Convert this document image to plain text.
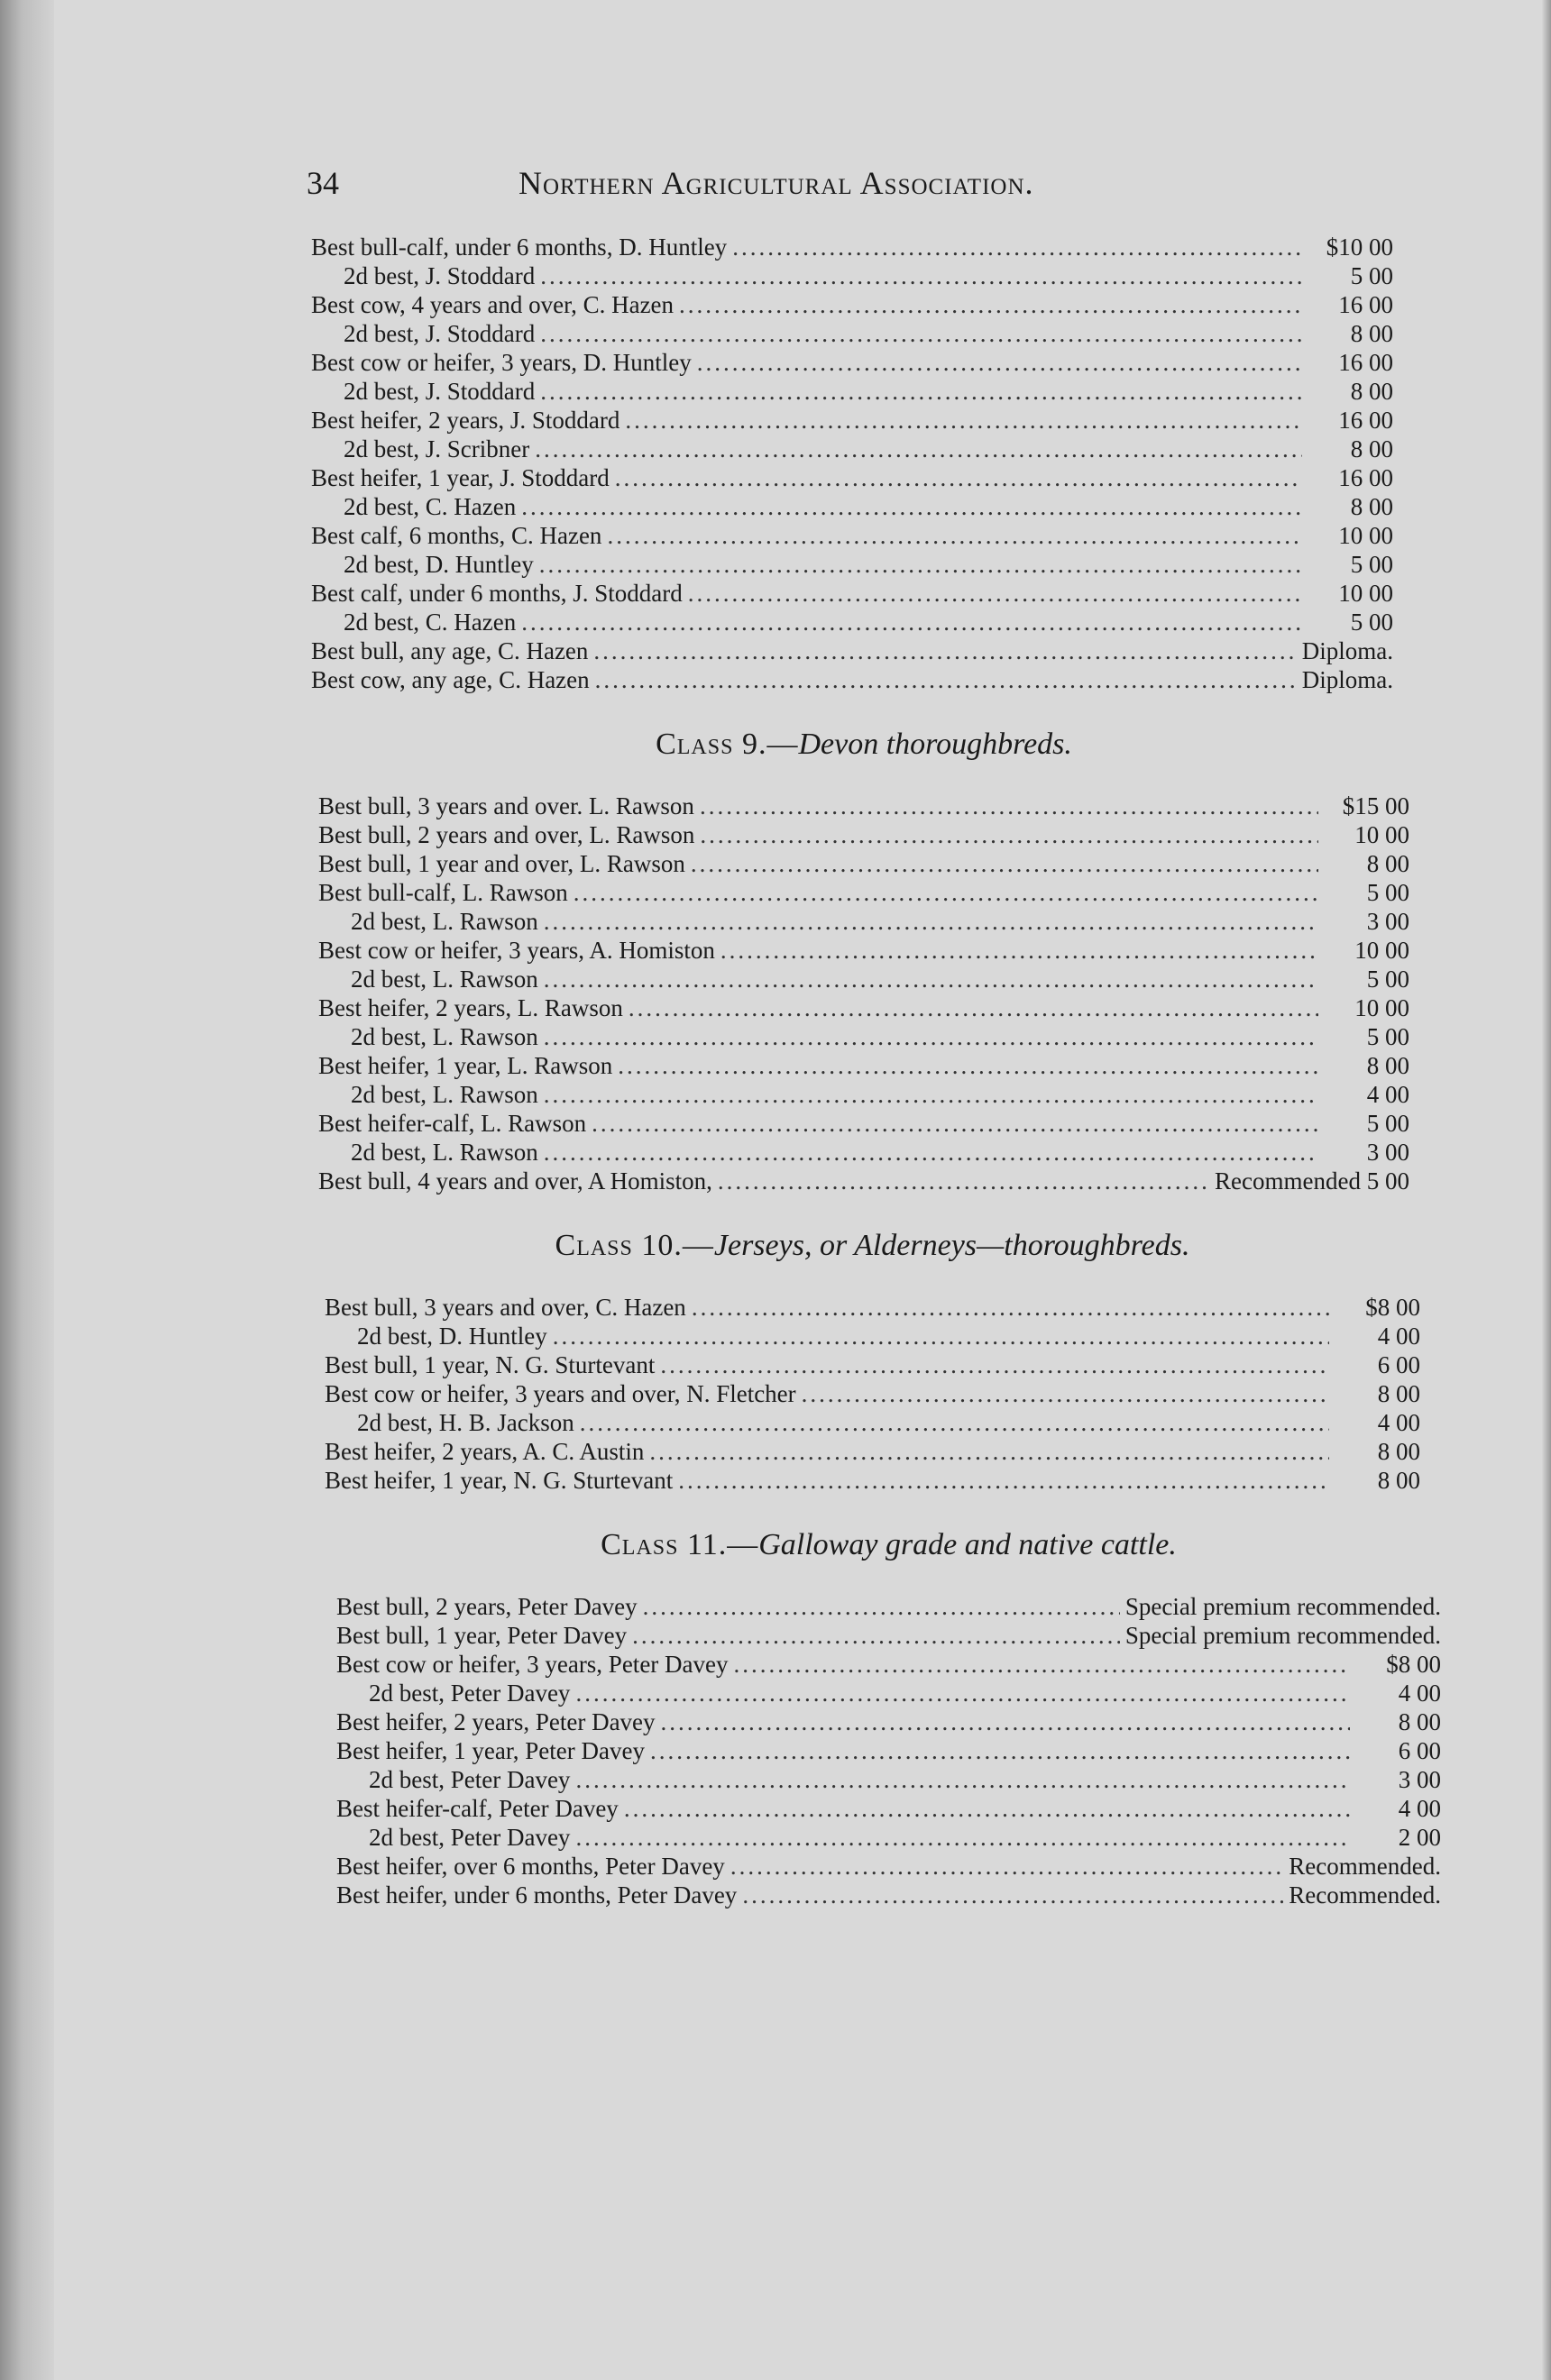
34	Northern Agricultural Association.
Best bull-calf, under 6 months, D. Huntley .....	$10 00
2d best, J. Stoddard .....	5 00
Best cow, 4 years and over, C. Hazen .....	16 00
2d best, J. Stoddard .....	8 00
Best cow or heifer, 3 years, D. Huntley .....	16 00
2d best, J. Stoddard .....	8 00
Best heifer, 2 years, J. Stoddard .....	16 00
2d best, J. Scribner .....	8 00
Best heifer, 1 year, J. Stoddard .....	16 00
2d best, C. Hazen .....	8 00
Best calf, 6 months, C. Hazen .....	10 00
2d best, D. Huntley .....	5 00
Best calf, under 6 months, J. Stoddard .....	10 00
2d best, C. Hazen .....	5 00
Best bull, any age, C. Hazen .....	Diploma.
Best cow, any age, C. Hazen .....	Diploma.
Class 9.—Devon thoroughbreds.
Best bull, 3 years and over. L. Rawson .....	$15 00
Best bull, 2 years and over, L. Rawson .....	10 00
Best bull, 1 year and over, L. Rawson .....	8 00
Best bull-calf, L. Rawson .....	5 00
2d best, L. Rawson .....	3 00
Best cow or heifer, 3 years, A. Homiston .....	10 00
2d best, L. Rawson .....	5 00
Best heifer, 2 years, L. Rawson .....	10 00
2d best, L. Rawson .....	5 00
Best heifer, 1 year, L. Rawson .....	8 00
2d best, L. Rawson .....	4 00
Best heifer-calf, L. Rawson .....	5 00
2d best, L. Rawson .....	3 00
Best bull, 4 years and over, A Homiston, .....	Recommended 5 00
Class 10.—Jerseys, or Alderneys—thoroughbreds.
Best bull, 3 years and over, C. Hazen .....	$8 00
2d best, D. Huntley .....	4 00
Best bull, 1 year, N. G. Sturtevant .....	6 00
Best cow or heifer, 3 years and over, N. Fletcher .....	8 00
2d best, H. B. Jackson .....	4 00
Best heifer, 2 years, A. C. Austin .....	8 00
Best heifer, 1 year, N. G. Sturtevant .....	8 00
Class 11.—Galloway grade and native cattle.
Best bull, 2 years, Peter Davey .....	Special premium recommended.
Best bull, 1 year, Peter Davey .....	Special premium recommended.
Best cow or heifer, 3 years, Peter Davey .....	$8 00
2d best, Peter Davey .....	4 00
Best heifer, 2 years, Peter Davey .....	8 00
Best heifer, 1 year, Peter Davey .....	6 00
2d best, Peter Davey .....	3 00
Best heifer-calf, Peter Davey .....	4 00
2d best, Peter Davey .....	2 00
Best heifer, over 6 months, Peter Davey .....	Recommended.
Best heifer, under 6 months, Peter Davey .....	Recommended.
